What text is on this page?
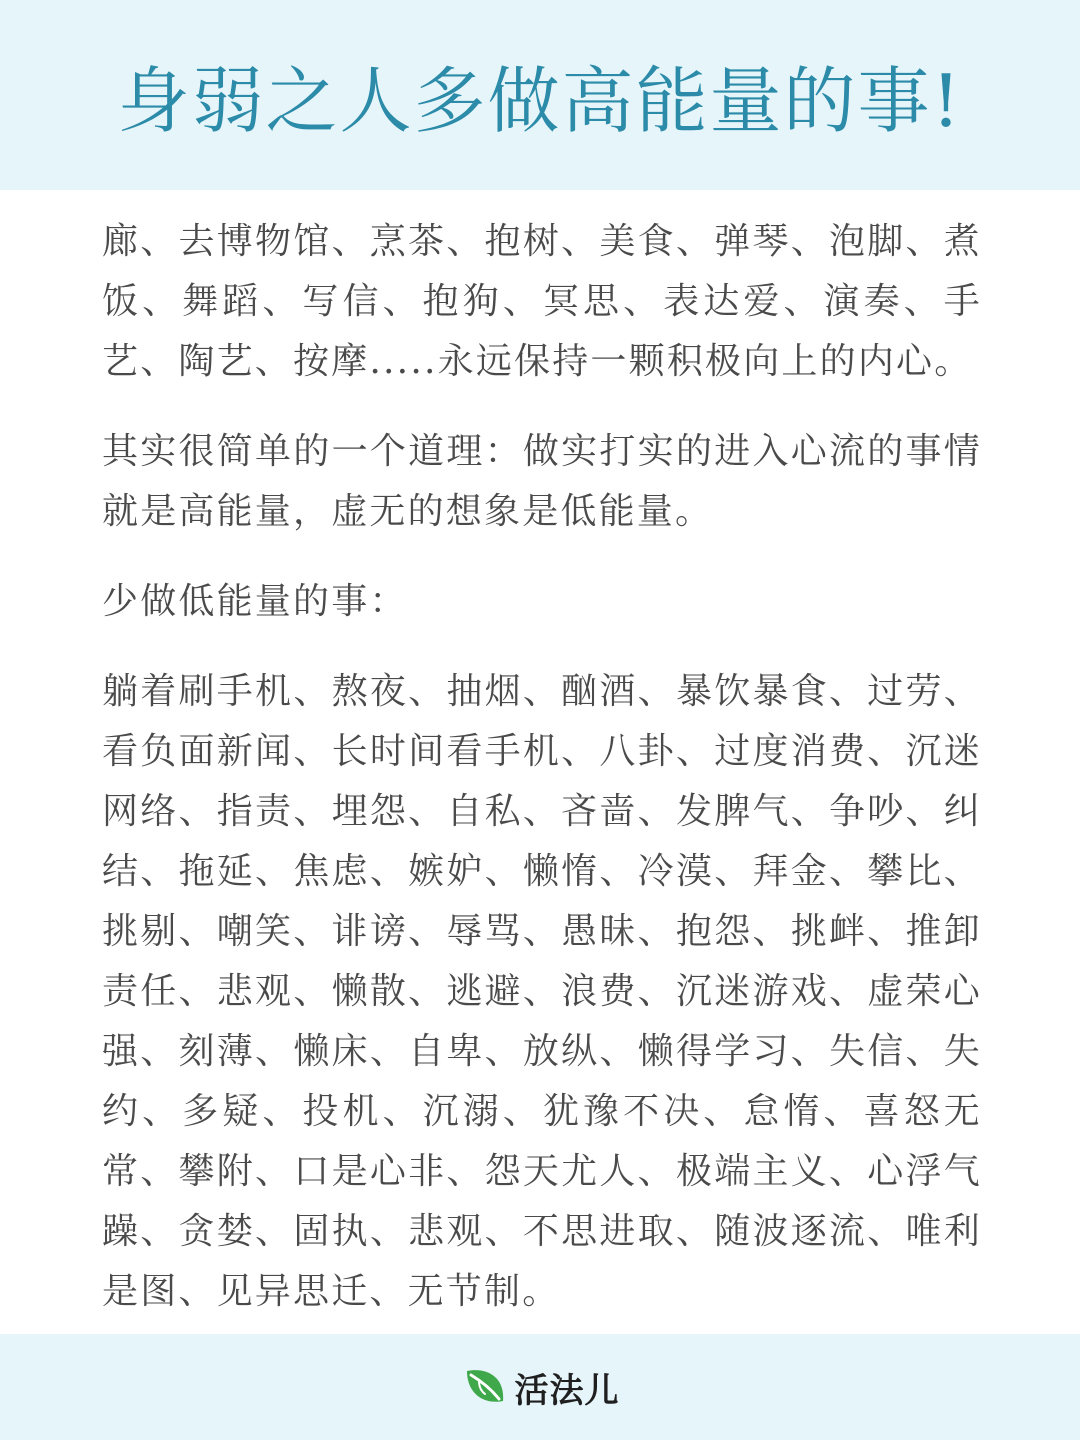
身弱之人多做高能量的事!

廊、去博物馆、烹茶、抱树、美食、弹琴、泡脚、煮饭、舞蹈、写信、抱狗、冥思、表达爱、演奏、手艺、陶艺、按摩.....永远保持一颗积极向上的内心。

其实很简单的一个道理：做实打实的进入心流的事情就是高能量，虚无的想象是低能量。

少做低能量的事：

躺着刷手机、熬夜、抽烟、酗酒、暴饮暴食、过劳、看负面新闻、长时间看手机、八卦、过度消费、沉迷网络、指责、埋怨、自私、吝啬、发脾气、争吵、纠结、拖延、焦虑、嫉妒、懒惰、冷漠、拜金、攀比、挑剔、嘲笑、诽谤、辱骂、愚昧、抱怨、挑衅、推卸责任、悲观、懒散、逃避、浪费、沉迷游戏、虚荣心强、刻薄、懒床、自卑、放纵、懒得学习、失信、失约、多疑、投机、沉溺、犹豫不决、怠惰、喜怒无常、攀附、口是心非、怨天尤人、极端主义、心浮气躁、贪婪、固执、悲观、不思进取、随波逐流、唯利是图、见异思迁、无节制。

活法儿
